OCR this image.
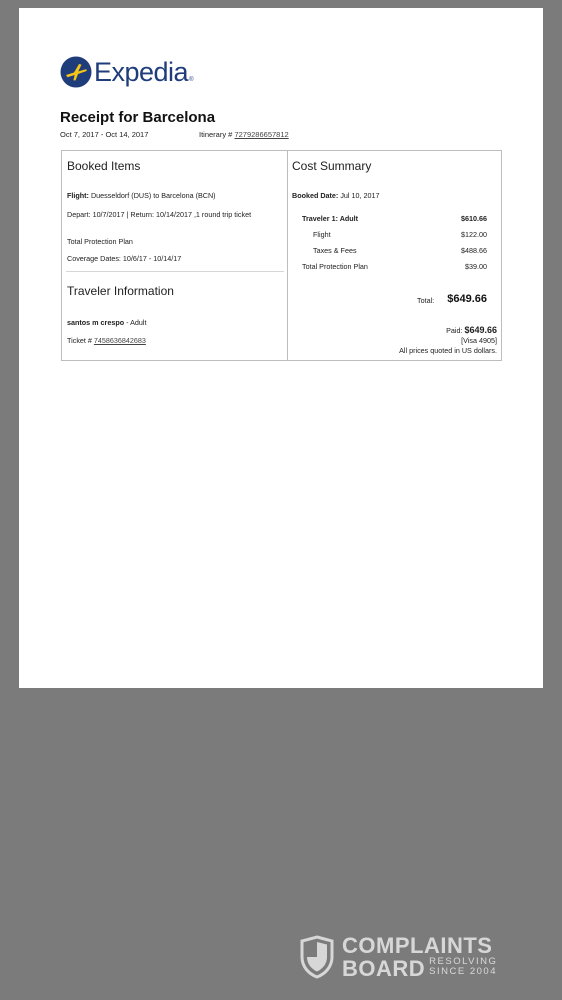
Expedia ®
Receipt for Barcelona
Oct 7, 2017 - Oct 14, 2017	Itinerary # 7279286657812
Booked Items
Flight: Duesseldorf (DUS) to Barcelona (BCN)
Depart: 10/7/2017 | Return: 10/14/2017 ,1 round trip ticket
Total Protection Plan
Coverage Dates: 10/6/17 - 10/14/17
Traveler Information
santos m crespo - Adult
Ticket # 7458636842683
Cost Summary
Booked Date: Jul 10, 2017
Traveler 1: Adult	$610.66
Flight	$122.00
Taxes & Fees	$488.66
Total Protection Plan	$39.00
Total: $649.66
Paid: $649.66
[Visa 4905]
All prices quoted in US dollars.
COMPLAINTS
BOARD RESOLVING
SINCE 2004
